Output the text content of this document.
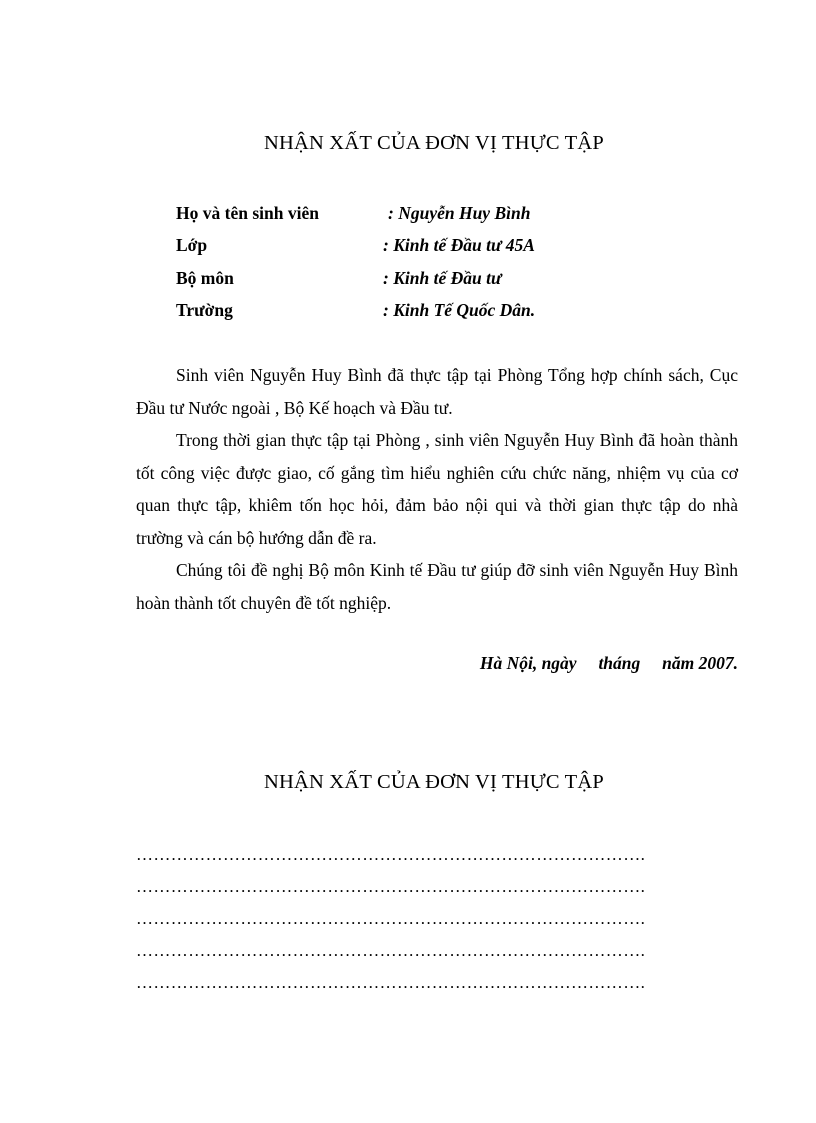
NHẬN XẤT CỦA ĐƠN VỊ THỰC TẬP
Họ và tên sinh viên	: Nguyễn Huy Bình
Lớp	: Kinh tế Đầu tư 45A
Bộ môn	: Kinh tế Đầu tư
Trường	: Kinh Tế Quốc Dân.

Sinh viên Nguyễn Huy Bình đã thực tập tại Phòng Tổng hợp chính sách, Cục Đầu tư Nước ngoài , Bộ Kế hoạch và Đầu tư.

Trong thời gian thực tập tại Phòng , sinh viên Nguyễn Huy Bình đã hoàn thành tốt công việc được giao, cố gắng tìm hiểu nghiên cứu chức năng, nhiệm vụ của cơ quan thực tập, khiêm tốn học hỏi, đảm bảo nội qui và thời gian thực tập do nhà trường và cán bộ hướng dẫn đề ra.

Chúng tôi đề nghị Bộ môn Kinh tế Đầu tư giúp đỡ sinh viên Nguyễn Huy Bình hoàn thành tốt chuyên đề tốt nghiệp.

Hà Nội, ngày     tháng     năm 2007.
NHẬN XẤT CỦA ĐƠN VỊ THỰC TẬP
…………………………………………………………………………….
…………………………………………………………………………….
…………………………………………………………………………….
…………………………………………………………………………….
…………………………………………………………………………….
